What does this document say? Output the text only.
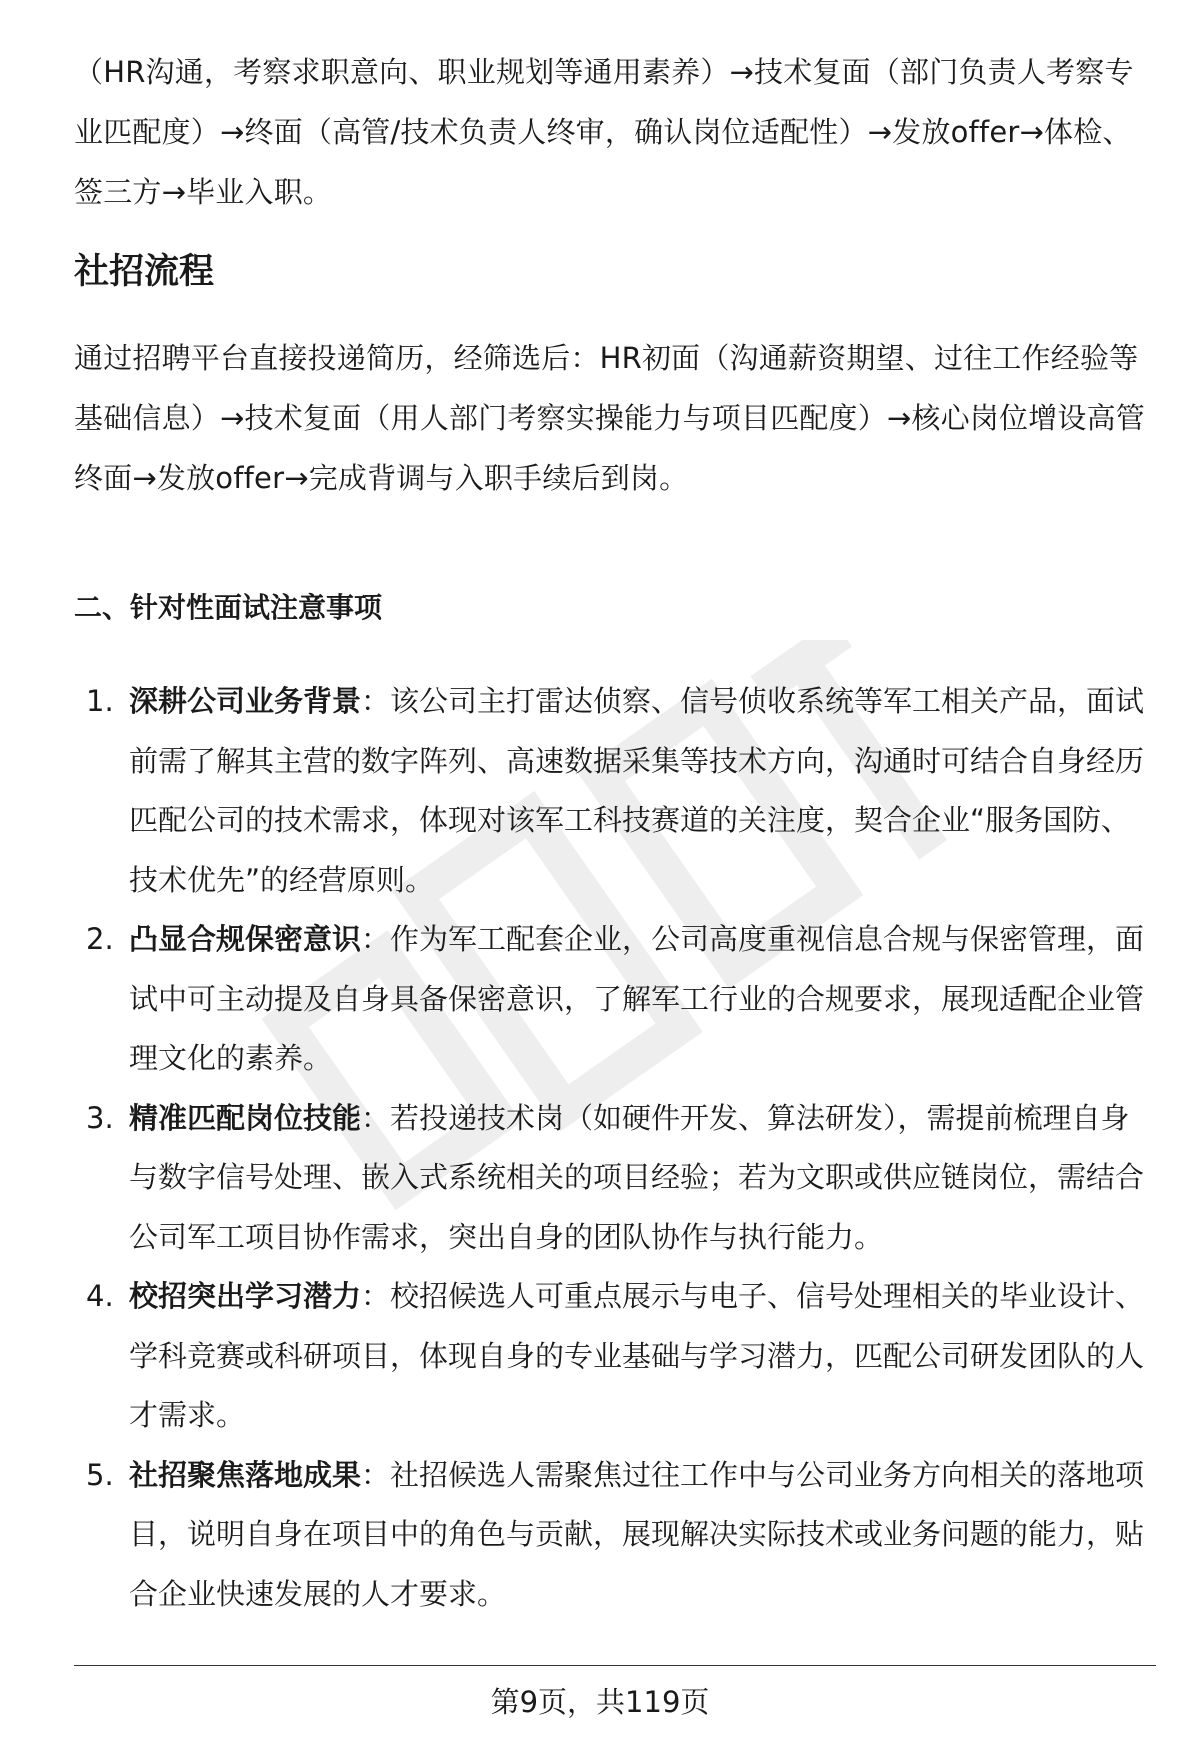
（HR沟通，考察求职意向、职业规划等通用素养）→技术复面（部门负责人考察专业匹配度）→终面（高管/技术负责人终审，确认岗位适配性）→发放offer→体检、签三方→毕业入职。

社招流程

通过招聘平台直接投递简历，经筛选后：HR初面（沟通薪资期望、过往工作经验等基础信息）→技术复面（用人部门考察实操能力与项目匹配度）→核心岗位增设高管终面→发放offer→完成背调与入职手续后到岗。

二、针对性面试注意事项
1. 深耕公司业务背景：该公司主打雷达侦察、信号侦收系统等军工相关产品，面试前需了解其主营的数字阵列、高速数据采集等技术方向，沟通时可结合自身经历匹配公司的技术需求，体现对该军工科技赛道的关注度，契合企业“服务国防、技术优先”的经营原则。
2. 凸显合规保密意识：作为军工配套企业，公司高度重视信息合规与保密管理，面试中可主动提及自身具备保密意识，了解军工行业的合规要求，展现适配企业管理文化的素养。
3. 精准匹配岗位技能：若投递技术岗（如硬件开发、算法研发），需提前梳理自身与数字信号处理、嵌入式系统相关的项目经验；若为文职或供应链岗位，需结合公司军工项目协作需求，突出自身的团队协作与执行能力。
4. 校招突出学习潜力：校招候选人可重点展示与电子、信号处理相关的毕业设计、学科竞赛或科研项目，体现自身的专业基础与学习潜力，匹配公司研发团队的人才需求。
5. 社招聚焦落地成果：社招候选人需聚焦过往工作中与公司业务方向相关的落地项目，说明自身在项目中的角色与贡献，展现解决实际技术或业务问题的能力，贴合企业快速发展的人才要求。
第9页，共119页
